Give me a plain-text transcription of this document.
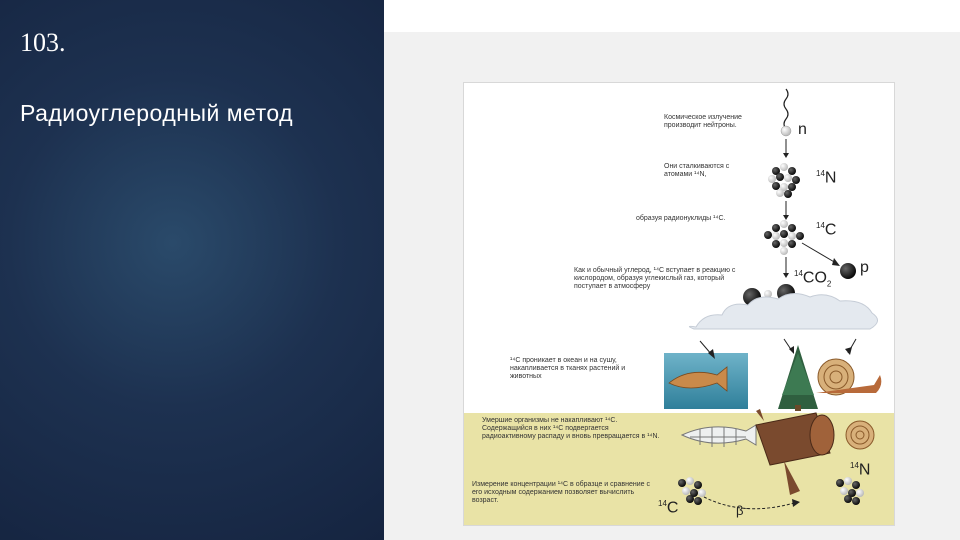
103.
Радиоуглеродный метод	Космическое излучение производит нейтроны.
Они сталкиваются с атомами ¹⁴N,
образуя радионуклиды ¹⁴C.
Как и обычный углерод, ¹⁴C вступает в реакцию с кислородом, образуя углекислый газ, который поступает в атмосферу
¹⁴C проникает в океан и на сушу, накапливается в тканях растений и животных
Умершие организмы не накапливают ¹⁴C. Содержащийся в них ¹⁴C подвергается радиоактивному распаду и вновь превращается в ¹⁴N.
Измерение концентрации ¹⁴C в образце и сравнение с его исходным содержанием позволяет вычислить возраст.
n
$^{14}$N
$^{14}$C
p
$^{14}CO_2$
$^{14}$N
$^{14}$C	β⁻
